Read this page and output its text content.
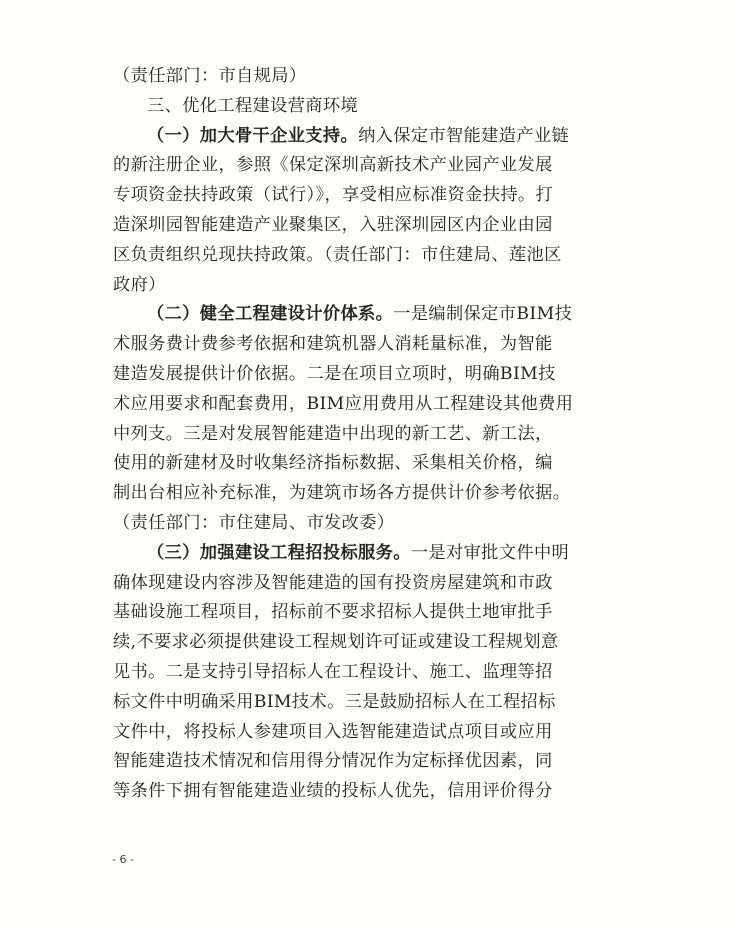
（责任部门：市自规局）

三、优化工程建设营商环境

（一）加大骨干企业支持。纳入保定市智能建造产业链

的新注册企业，参照《保定深圳高新技术产业园产业发展

专项资金扶持政策（试行）》，享受相应标准资金扶持。打

造深圳园智能建造产业聚集区，入驻深圳园区内企业由园

区负责组织兑现扶持政策。（责任部门：市住建局、莲池区

政府）

（二）健全工程建设计价体系。一是编制保定市BIM技

术服务费计费参考依据和建筑机器人消耗量标准，为智能

建造发展提供计价依据。二是在项目立项时，明确BIM技

术应用要求和配套费用，BIM应用费用从工程建设其他费用

中列支。三是对发展智能建造中出现的新工艺、新工法，

使用的新建材及时收集经济指标数据、采集相关价格，编

制出台相应补充标准，为建筑市场各方提供计价参考依据。

（责任部门：市住建局、市发改委）

（三）加强建设工程招投标服务。一是对审批文件中明

确体现建设内容涉及智能建造的国有投资房屋建筑和市政

基础设施工程项目，招标前不要求招标人提供土地审批手

续,不要求必须提供建设工程规划许可证或建设工程规划意

见书。二是支持引导招标人在工程设计、施工、监理等招

标文件中明确采用BIM技术。三是鼓励招标人在工程招标

文件中，将投标人参建项目入选智能建造试点项目或应用

智能建造技术情况和信用得分情况作为定标择优因素，同

等条件下拥有智能建造业绩的投标人优先，信用评价得分

- 6 -
